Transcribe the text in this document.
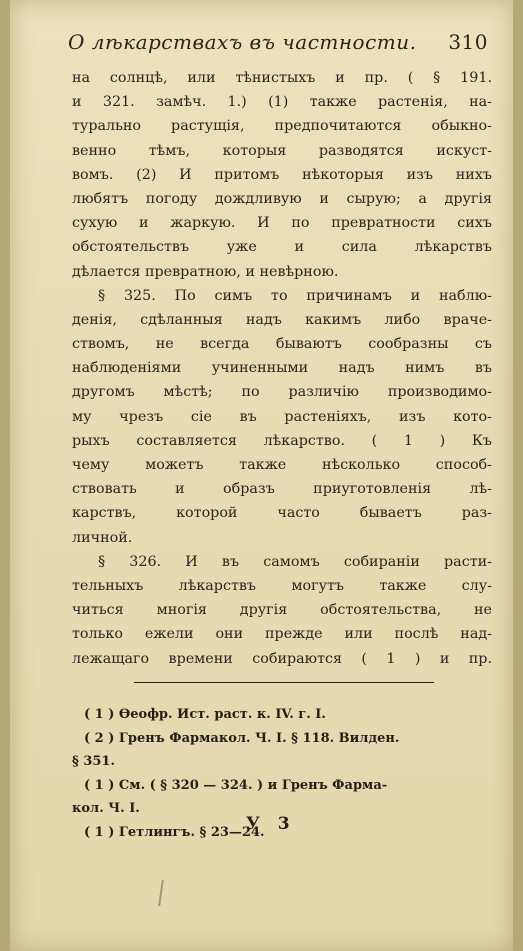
О лѣкарствахъ въ частности. 310
на солнцѣ, или тѣнистыхъ и пр. ( § 191.
и 321. замѣч. 1.) (1) также растенія, на-
турально растущія, предпочитаются обыкно-
венно тѣмъ, которыя разводятся искуст-
вомъ. (2) И притомъ нѣкоторыя изъ нихъ
любятъ погоду дождливую и сырую; а другія
сухую и жаркую. И по превратности сихъ
обстоятельствъ уже и сила лѣкарствъ
дѣлается превратною, и невѣрною.
§ 325. По симъ то причинамъ и наблю-
денія, сдѣланныя надъ какимъ либо враче-
ствомъ, не всегда бываютъ сообразны съ
наблюденіями учиненными надъ нимъ въ
другомъ мѣстѣ; по различію производимо-
му чрезъ сіе въ растеніяхъ, изъ кото-
рыхъ составляется лѣкарство. ( 1 ) Къ
чему можетъ также нѣсколько способ-
ствовать и образъ приуготовленія лѣ-
карствъ, которой часто бываетъ раз-
личной.
§ 326. И въ самомъ собираніи расти-
тельныхъ лѣкарствъ могутъ также слу-
читься многія другія обстоятельства, не
только ежели они прежде или послѣ над-
лежащаго времени собираются ( 1 ) и пр.
( 1 ) Ѳеофр. Ист. раст. к. IV. г. I.
( 2 ) Гренъ Фармакол. Ч. I. § 118. Вилден.
§ 351.
( 1 ) См. ( § 320 — 324. ) и Гренъ Фарма-
кол. Ч. I.
( 1 ) Гетлингъ. § 23—24.
У 3
